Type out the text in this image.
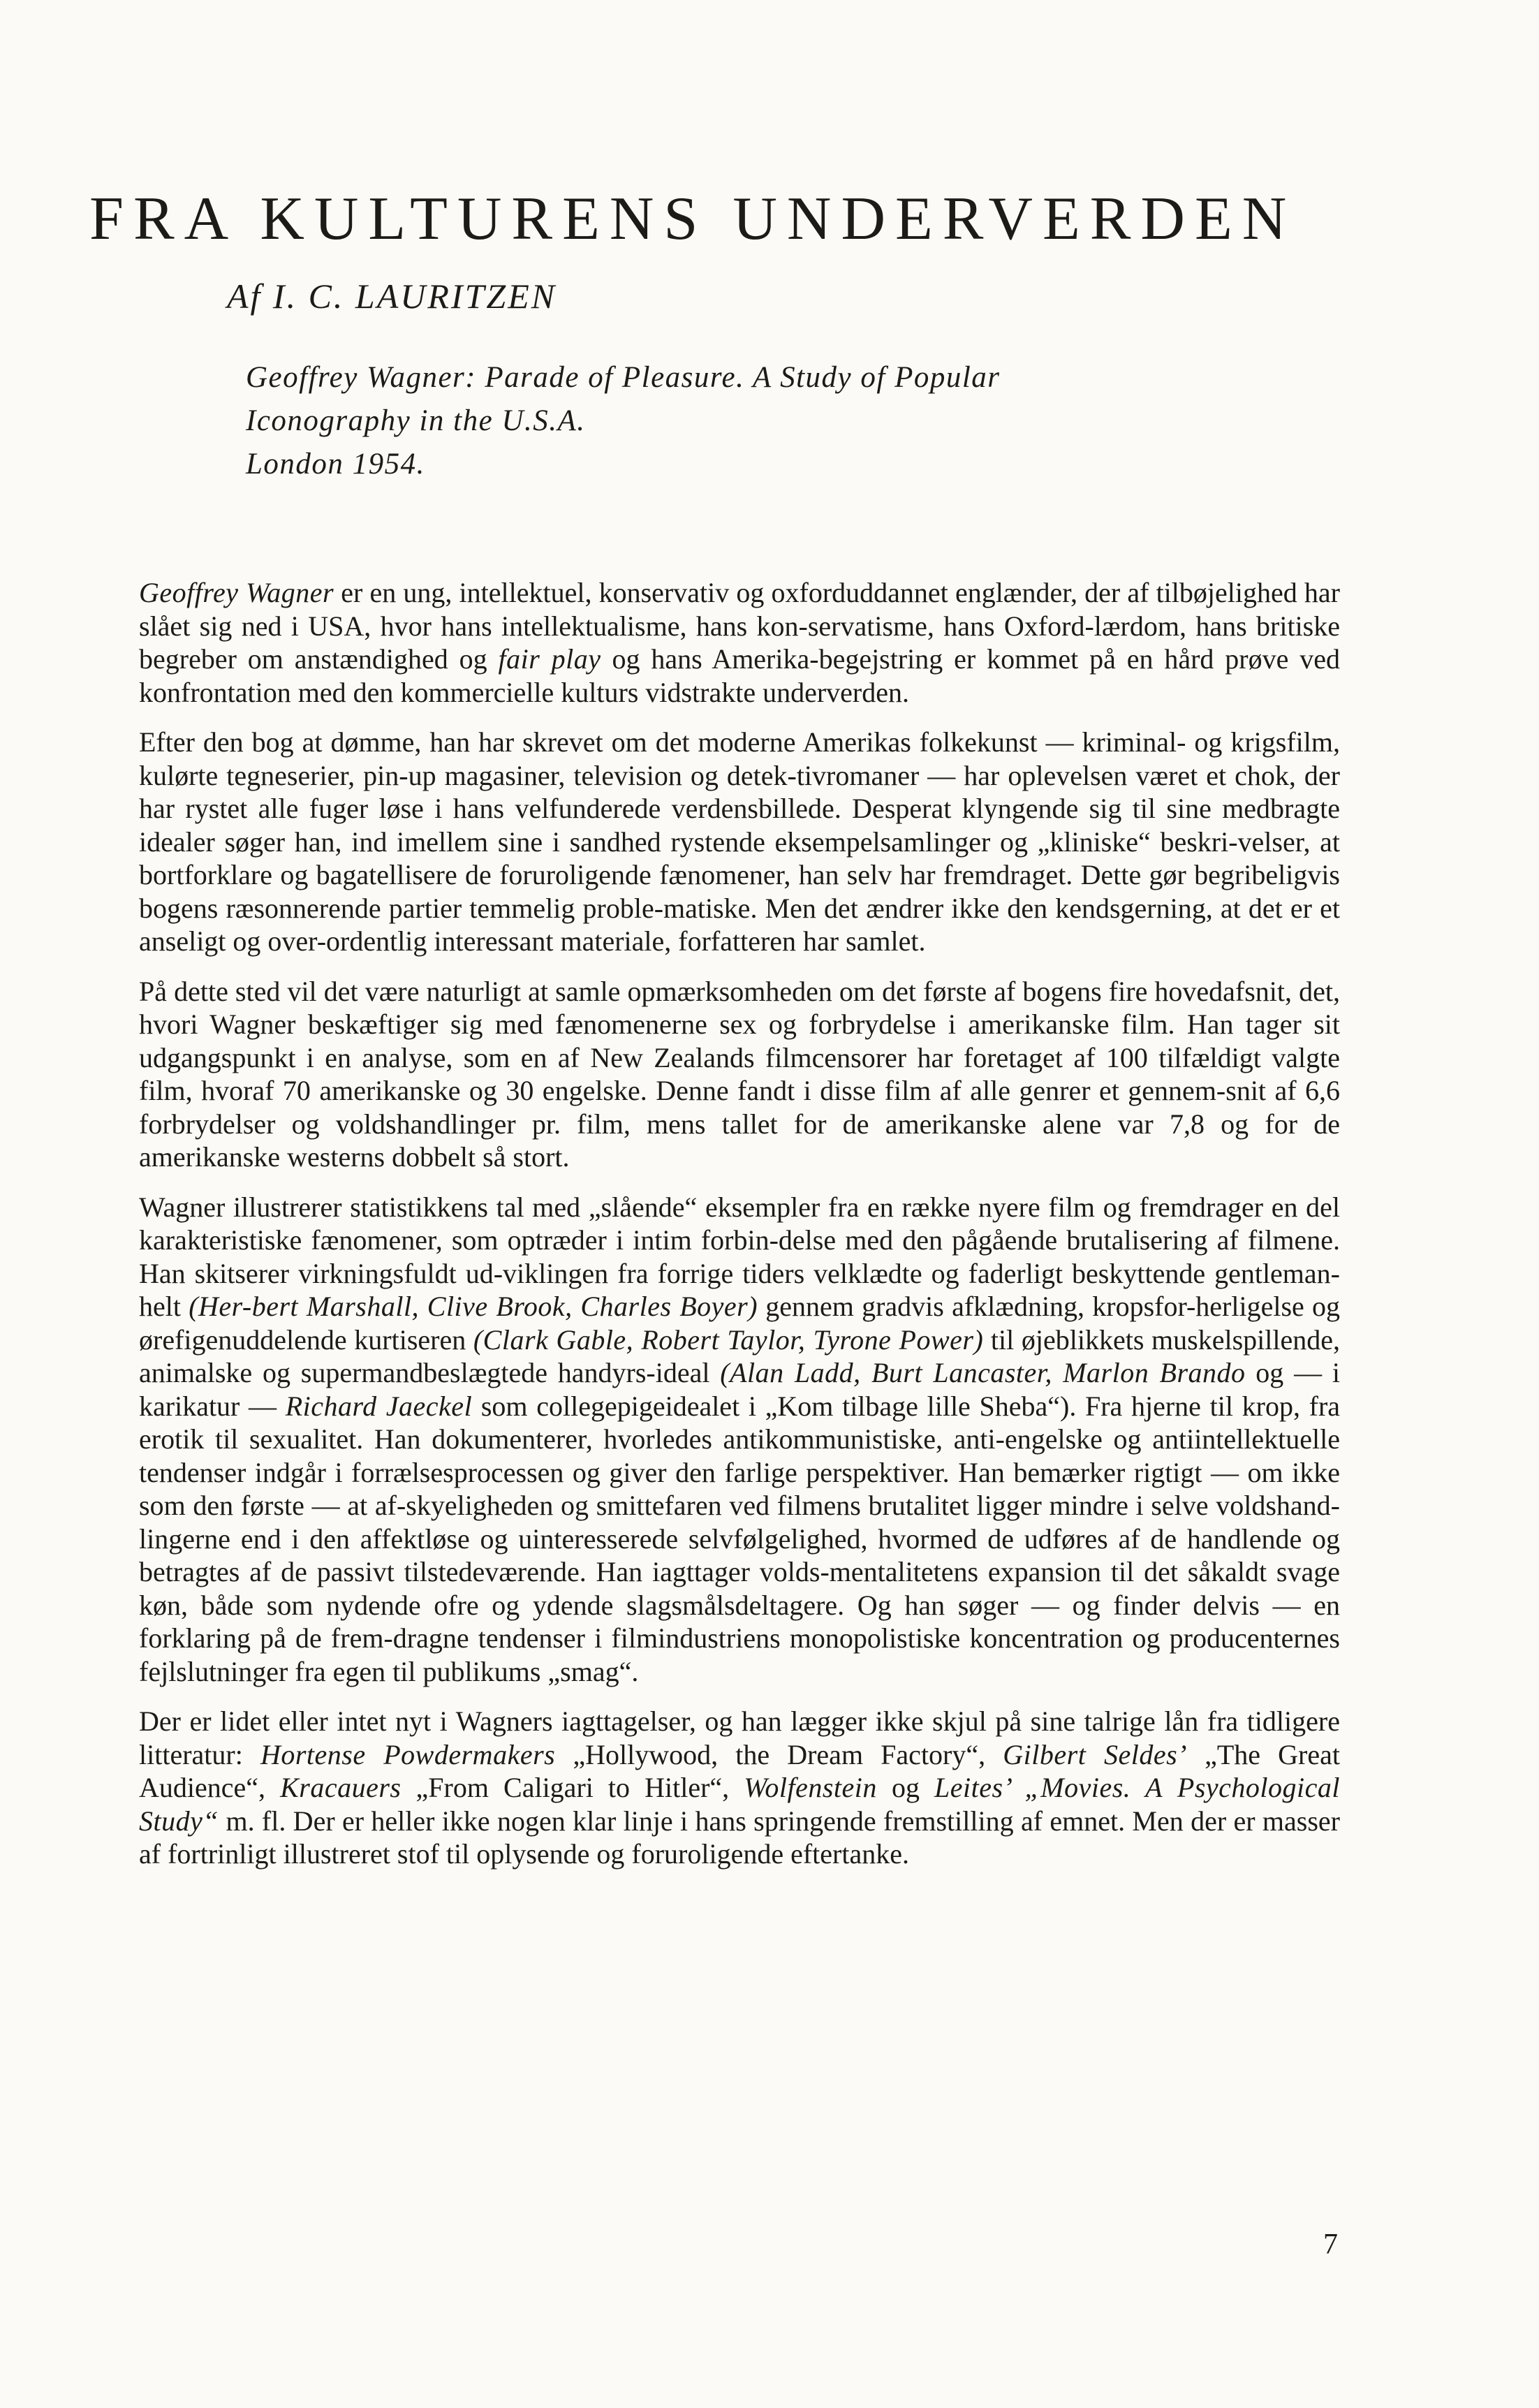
FRA KULTURENS UNDERVERDEN
Af I. C. LAURITZEN
Geoffrey Wagner: Parade of Pleasure. A Study of Popular
Iconography in the U.S.A.
London 1954.

Geoffrey Wagner er en ung, intellektuel, konservativ og oxforduddannet englænder, der af tilbøjelighed har slået sig ned i USA, hvor hans intellektualisme, hans kon-servatisme, hans Oxford-lærdom, hans britiske begreber om anstændighed og fair play og hans Amerika-begejstring er kommet på en hård prøve ved konfrontation med den kommercielle kulturs vidstrakte underverden.

Efter den bog at dømme, han har skrevet om det moderne Amerikas folkekunst — kriminal- og krigsfilm, kulørte tegneserier, pin-up magasiner, television og detek-tivromaner — har oplevelsen været et chok, der har rystet alle fuger løse i hans velfunderede verdensbillede. Desperat klyngende sig til sine medbragte idealer søger han, ind imellem sine i sandhed rystende eksempelsamlinger og „kliniske“ beskri-velser, at bortforklare og bagatellisere de foruroligende fænomener, han selv har fremdraget. Dette gør begribeligvis bogens ræsonnerende partier temmelig proble-matiske. Men det ændrer ikke den kendsgerning, at det er et anseligt og over-ordentlig interessant materiale, forfatteren har samlet.

På dette sted vil det være naturligt at samle opmærksomheden om det første af bogens fire hovedafsnit, det, hvori Wagner beskæftiger sig med fænomenerne sex og forbrydelse i amerikanske film. Han tager sit udgangspunkt i en analyse, som en af New Zealands filmcensorer har foretaget af 100 tilfældigt valgte film, hvoraf 70 amerikanske og 30 engelske. Denne fandt i disse film af alle genrer et gennem-snit af 6,6 forbrydelser og voldshandlinger pr. film, mens tallet for de amerikanske alene var 7,8 og for de amerikanske westerns dobbelt så stort.

Wagner illustrerer statistikkens tal med „slående“ eksempler fra en række nyere film og fremdrager en del karakteristiske fænomener, som optræder i intim forbin-delse med den pågående brutalisering af filmene. Han skitserer virkningsfuldt ud-viklingen fra forrige tiders velklædte og faderligt beskyttende gentleman-helt (Her-bert Marshall, Clive Brook, Charles Boyer) gennem gradvis afklædning, kropsfor-herligelse og ørefigenuddelende kurtiseren (Clark Gable, Robert Taylor, Tyrone Power) til øjeblikkets muskelspillende, animalske og supermandbeslægtede handyrs-ideal (Alan Ladd, Burt Lancaster, Marlon Brando og — i karikatur — Richard Jaeckel som collegepigeidealet i „Kom tilbage lille Sheba“). Fra hjerne til krop, fra erotik til sexualitet. Han dokumenterer, hvorledes antikommunistiske, anti-engelske og antiintellektuelle tendenser indgår i forrælsesprocessen og giver den farlige perspektiver. Han bemærker rigtigt — om ikke som den første — at af-skyeligheden og smittefaren ved filmens brutalitet ligger mindre i selve voldshand-lingerne end i den affektløse og uinteresserede selvfølgelighed, hvormed de udføres af de handlende og betragtes af de passivt tilstedeværende. Han iagttager volds-mentalitetens expansion til det såkaldt svage køn, både som nydende ofre og ydende slagsmålsdeltagere. Og han søger — og finder delvis — en forklaring på de frem-dragne tendenser i filmindustriens monopolistiske koncentration og producenternes fejlslutninger fra egen til publikums „smag“.

Der er lidet eller intet nyt i Wagners iagttagelser, og han lægger ikke skjul på sine talrige lån fra tidligere litteratur: Hortense Powdermakers „Hollywood, the Dream Factory“, Gilbert Seldes’ „The Great Audience“, Kracauers „From Caligari to Hitler“, Wolfenstein og Leites’ „Movies. A Psychological Study“ m. fl. Der er heller ikke nogen klar linje i hans springende fremstilling af emnet. Men der er masser af fortrinligt illustreret stof til oplysende og foruroligende eftertanke.

7
